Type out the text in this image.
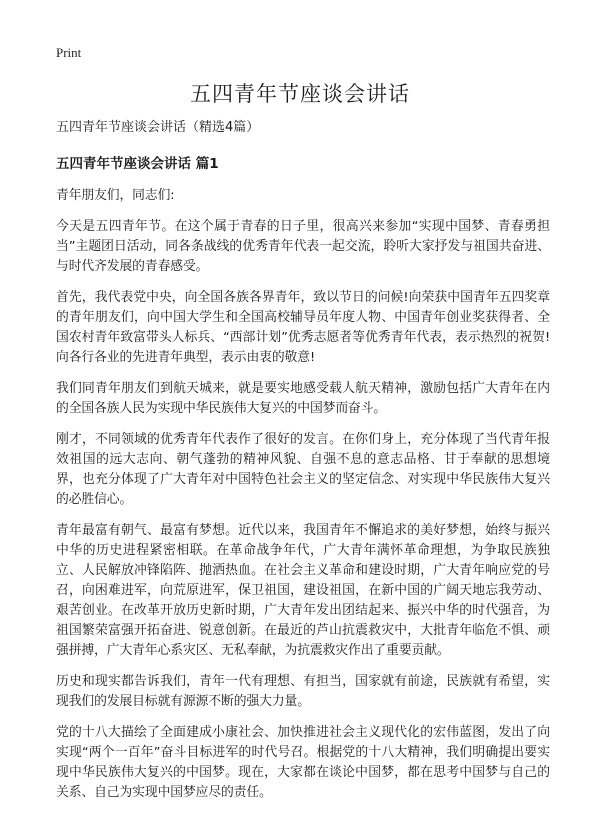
Print
五四青年节座谈会讲话

五四青年节座谈会讲话（精选4篇）

五四青年节座谈会讲话 篇1

青年朋友们，同志们:

今天是五四青年节。在这个属于青春的日子里，很高兴来参加“实现中国梦、青春勇担当”主题团日活动，同各条战线的优秀青年代表一起交流，聆听大家抒发与祖国共奋进、与时代齐发展的青春感受。

首先，我代表党中央，向全国各族各界青年，致以节日的问候!向荣获中国青年五四奖章的青年朋友们，向中国大学生和全国高校辅导员年度人物、中国青年创业奖获得者、全国农村青年致富带头人标兵、“西部计划”优秀志愿者等优秀青年代表，表示热烈的祝贺!向各行各业的先进青年典型，表示由衷的敬意!

我们同青年朋友们到航天城来，就是要实地感受载人航天精神，激励包括广大青年在内的全国各族人民为实现中华民族伟大复兴的中国梦而奋斗。

刚才，不同领域的优秀青年代表作了很好的发言。在你们身上，充分体现了当代青年报效祖国的远大志向、朝气蓬勃的精神风貌、自强不息的意志品格、甘于奉献的思想境界，也充分体现了广大青年对中国特色社会主义的坚定信念、对实现中华民族伟大复兴的必胜信心。

青年最富有朝气、最富有梦想。近代以来，我国青年不懈追求的美好梦想，始终与振兴中华的历史进程紧密相联。在革命战争年代，广大青年满怀革命理想，为争取民族独立、人民解放冲锋陷阵、抛洒热血。在社会主义革命和建设时期，广大青年响应党的号召，向困难进军，向荒原进军，保卫祖国，建设祖国，在新中国的广阔天地忘我劳动、艰苦创业。在改革开放历史新时期，广大青年发出团结起来、振兴中华的时代强音，为祖国繁荣富强开拓奋进、锐意创新。在最近的芦山抗震救灾中，大批青年临危不惧、顽强拼搏，广大青年心系灾区、无私奉献，为抗震救灾作出了重要贡献。

历史和现实都告诉我们，青年一代有理想、有担当，国家就有前途，民族就有希望，实现我们的发展目标就有源源不断的强大力量。

党的十八大描绘了全面建成小康社会、加快推进社会主义现代化的宏伟蓝图，发出了向实现“两个一百年”奋斗目标进军的时代号召。根据党的十八大精神，我们明确提出要实现中华民族伟大复兴的中国梦。现在，大家都在谈论中国梦，都在思考中国梦与自己的关系、自己为实现中国梦应尽的责任。
